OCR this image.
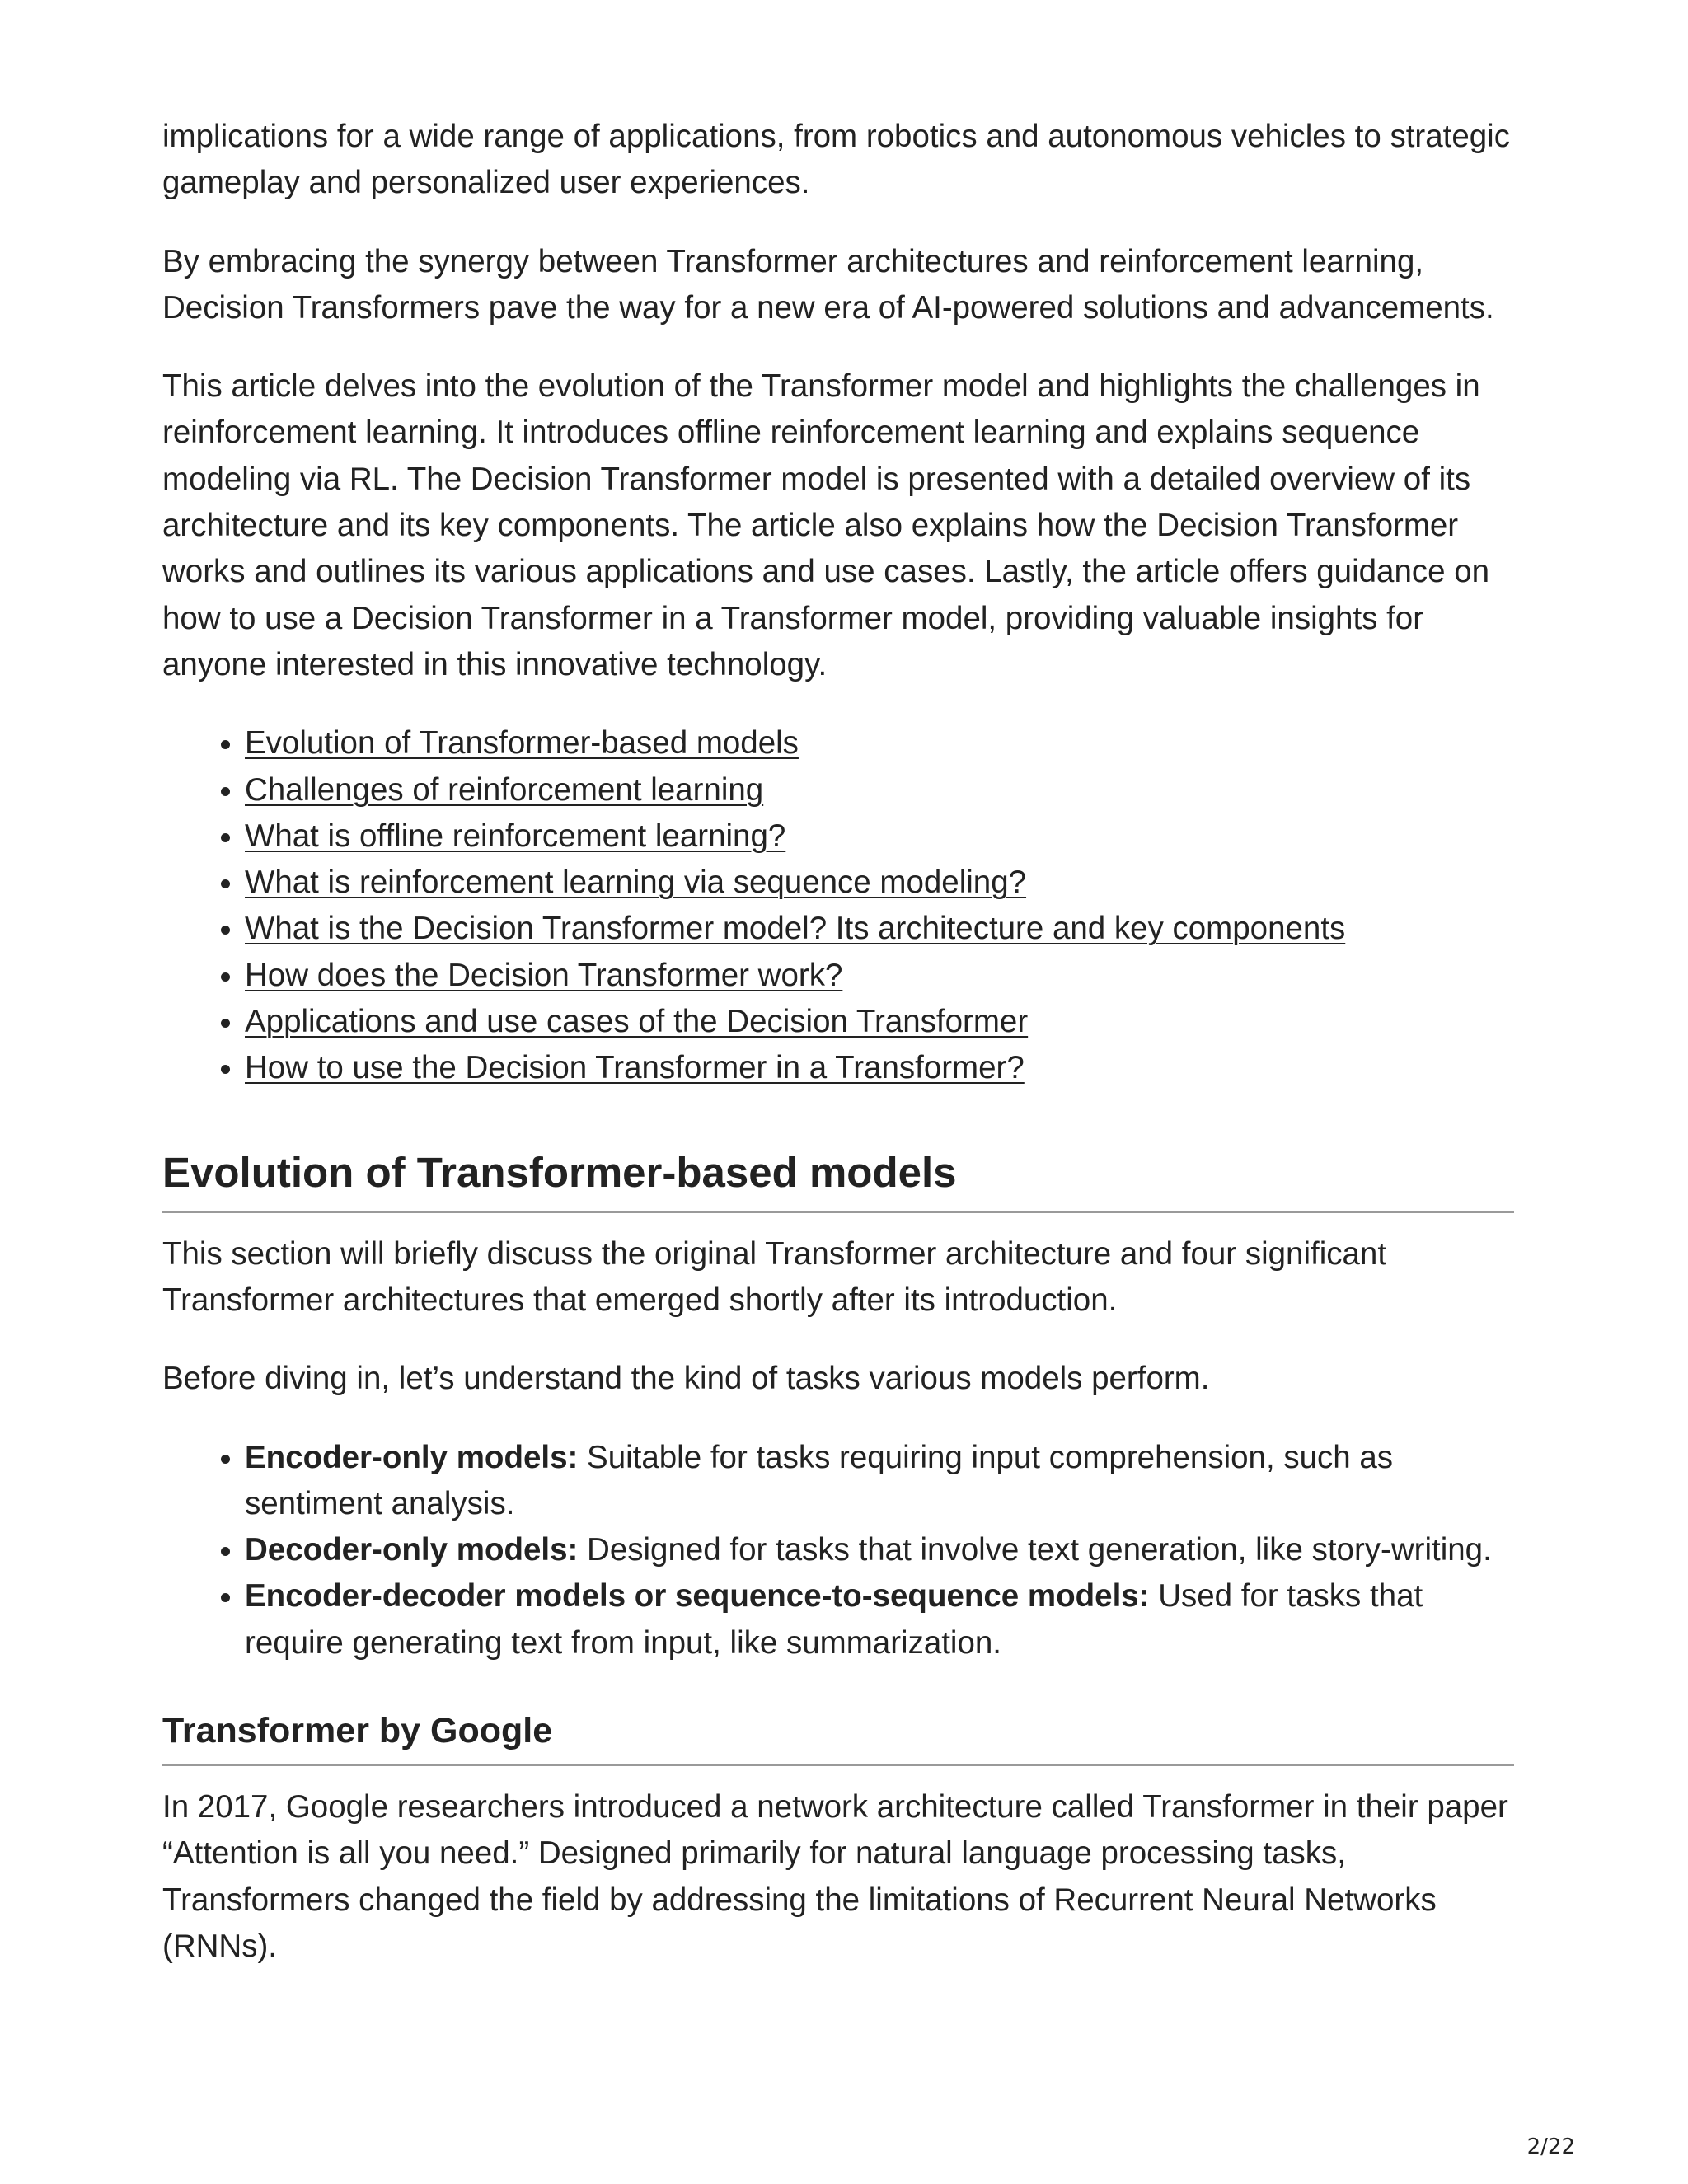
implications for a wide range of applications, from robotics and autonomous vehicles to strategic gameplay and personalized user experiences.

By embracing the synergy between Transformer architectures and reinforcement learning, Decision Transformers pave the way for a new era of AI-powered solutions and advancements.

This article delves into the evolution of the Transformer model and highlights the challenges in reinforcement learning. It introduces offline reinforcement learning and explains sequence modeling via RL. The Decision Transformer model is presented with a detailed overview of its architecture and its key components. The article also explains how the Decision Transformer works and outlines its various applications and use cases. Lastly, the article offers guidance on how to use a Decision Transformer in a Transformer model, providing valuable insights for anyone interested in this innovative technology.

• Evolution of Transformer-based models
• Challenges of reinforcement learning
• What is offline reinforcement learning?
• What is reinforcement learning via sequence modeling?
• What is the Decision Transformer model? Its architecture and key components
• How does the Decision Transformer work?
• Applications and use cases of the Decision Transformer
• How to use the Decision Transformer in a Transformer?
Evolution of Transformer-based models

This section will briefly discuss the original Transformer architecture and four significant Transformer architectures that emerged shortly after its introduction.

Before diving in, let’s understand the kind of tasks various models perform.

• Encoder-only models: Suitable for tasks requiring input comprehension, such as sentiment analysis.
• Decoder-only models: Designed for tasks that involve text generation, like story-writing.
• Encoder-decoder models or sequence-to-sequence models: Used for tasks that require generating text from input, like summarization.
Transformer by Google

In 2017, Google researchers introduced a network architecture called Transformer in their paper “Attention is all you need.” Designed primarily for natural language processing tasks, Transformers changed the field by addressing the limitations of Recurrent Neural Networks (RNNs).

2/22
